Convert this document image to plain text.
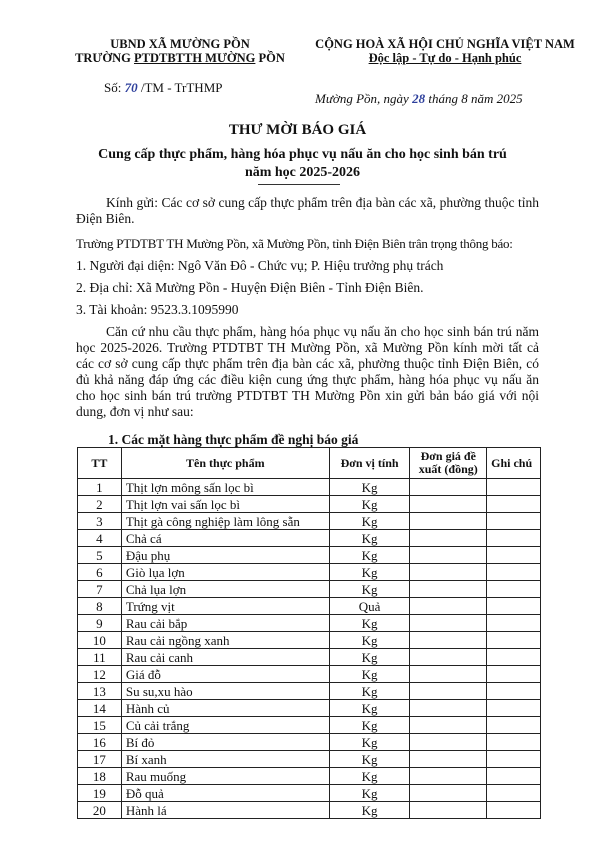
UBND XÃ MƯỜNG PỒN
TRƯỜNG PTDTBTTH MƯỜNG PỒN
CỘNG HOÀ XÃ HỘI CHỦ NGHĨA VIỆT NAM
Độc lập - Tự do - Hạnh phúc
Số: 70 /TM - TrTHMP
Mường Pồn, ngày 28 tháng 8 năm 2025
THƯ MỜI BÁO GIÁ
Cung cấp thực phẩm, hàng hóa phục vụ nấu ăn cho học sinh bán trú năm học 2025-2026
Kính gửi: Các cơ sở cung cấp thực phẩm trên địa bàn các xã, phường thuộc tỉnh Điện Biên.
Trường PTDTBT TH Mường Pồn, xã Mường Pồn, tỉnh Điện Biên trân trọng thông báo:
1. Người đại diện: Ngô Văn Đô - Chức vụ; P. Hiệu trưởng phụ trách
2. Địa chỉ: Xã Mường Pồn - Huyện Điện Biên - Tỉnh Điện Biên.
3. Tài khoản: 9523.3.1095990
Căn cứ nhu cầu thực phẩm, hàng hóa phục vụ nấu ăn cho học sinh bán trú năm học 2025-2026. Trường PTDTBT TH Mường Pồn, xã Mường Pồn kính mời tất cả các cơ sở cung cấp thực phẩm trên địa bàn các xã, phường thuộc tỉnh Điện Biên, có đủ khả năng đáp ứng các điều kiện cung ứng thực phẩm, hàng hóa phục vụ nấu ăn cho học sinh bán trú trường PTDTBT TH Mường Pồn xin gửi bản báo giá với nội dung, đơn vị như sau:
1. Các mặt hàng thực phẩm đề nghị báo giá
TT	Tên thực phẩm	Đơn vị tính	Đơn giá đề xuất (đồng)	Ghi chú
1	Thịt lợn mông sấn lọc bì	Kg		
2	Thịt lợn vai sấn lọc bì	Kg		
3	Thịt gà công nghiệp làm lông sẵn	Kg		
4	Chả cá	Kg		
5	Đậu phụ	Kg		
6	Giò lụa lợn	Kg		
7	Chả lụa lợn	Kg		
8	Trứng vịt	Quả		
9	Rau cải bắp	Kg		
10	Rau cải ngồng xanh	Kg		
11	Rau cải canh	Kg		
12	Giá đỗ	Kg		
13	Su su,xu hào	Kg		
14	Hành củ	Kg		
15	Củ cải trắng	Kg		
16	Bí đỏ	Kg		
17	Bí xanh	Kg		
18	Rau muống	Kg		
19	Đỗ quả	Kg		
20	Hành lá	Kg		
